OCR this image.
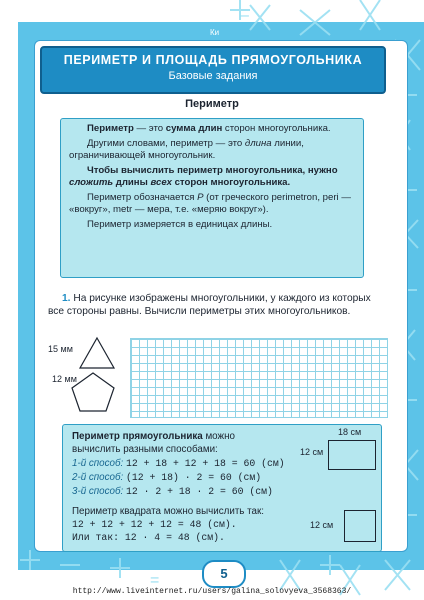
=
–
Ки
ПЕРИМЕТР И ПЛОЩАДЬ ПРЯМОУГОЛЬНИКА
Базовые задания
Периметр

Периметр — это сумма длин сторон многоугольника.

Другими словами, периметр — это длина линии, ограничивающей многоугольник.

Чтобы вычислить периметр многоугольника, нужно сложить длины всех сторон многоугольника.

Периметр обозначается P (от греческого perimetron, peri — «вокруг», metr — мера, т.е. «меряю вокруг»).

Периметр измеряется в единицах длины.

1. На рисунке изображены многоугольники, у каждого из которых все стороны равны. Вычисли периметры этих многоугольников.
15 мм
12 мм
Периметр прямоугольника можно
вычислить разными способами:
1-й способ: 12 + 18 + 12 + 18 = 60 (см)
2-й способ: (12 + 18) · 2 = 60 (см)
3-й способ: 12 · 2 + 18 · 2 = 60 (см)
Периметр квадрата можно вычислить так:
12 + 12 + 12 + 12 = 48 (см).
Или так: 12 · 4 = 48 (см).
18 см
12 см
12 см
5
http://www.liveinternet.ru/users/galina_solovyeva_3568363/
